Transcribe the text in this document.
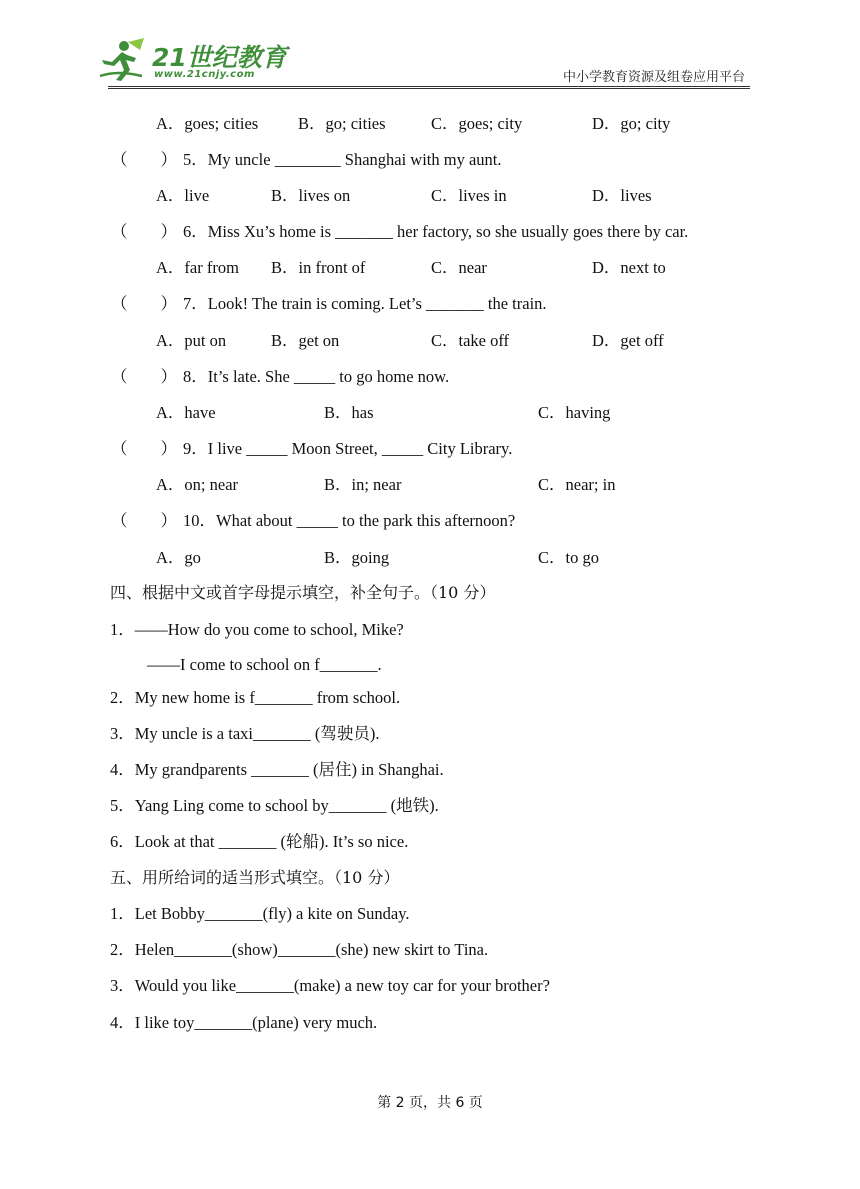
21世纪教育
www.21cnjy.com	中小学教育资源及组卷应用平台
A．goes; cities B．go; cities	C．goes; city	D．go; city
（　　） 5．My uncle ________ Shanghai with my aunt.
A．live	B．lives on	C．lives in	D．lives
（　　） 6．Miss Xu’s home is _______ her factory, so she usually goes there by car.
A．far from B．in front of	C．near	D．next to
（　　） 7．Look! The train is coming. Let’s _______ the train.
A．put on	B．get on	C．take off	D．get off
（　　） 8．It’s late. She _____ to go home now.
A．have	B．has	C．having
（　　） 9．I live _____ Moon Street, _____ City Library.
A．on; near	B．in; near	C．near; in
（　　） 10．What about _____ to the park this afternoon?
A．go	B．going	C．to go
四、根据中文或首字母提示填空，补全句子。（10 分）
1．——How do you come to school, Mike?
——I come to school on f_______.
2．My new home is f_______ from school.
3．My uncle is a taxi_______ (驾驶员).
4．My grandparents _______ (居住) in Shanghai.
5．Yang Ling come to school by_______ (地铁).
6．Look at that _______ (轮船). It’s so nice.
五、用所给词的适当形式填空。（10 分）
1．Let Bobby_______(fly) a kite on Sunday.
2．Helen_______(show)_______(she) new skirt to Tina.
3．Would you like_______(make) a new toy car for your brother?
4．I like toy_______(plane) very much.
第 2 页，共 6 页
